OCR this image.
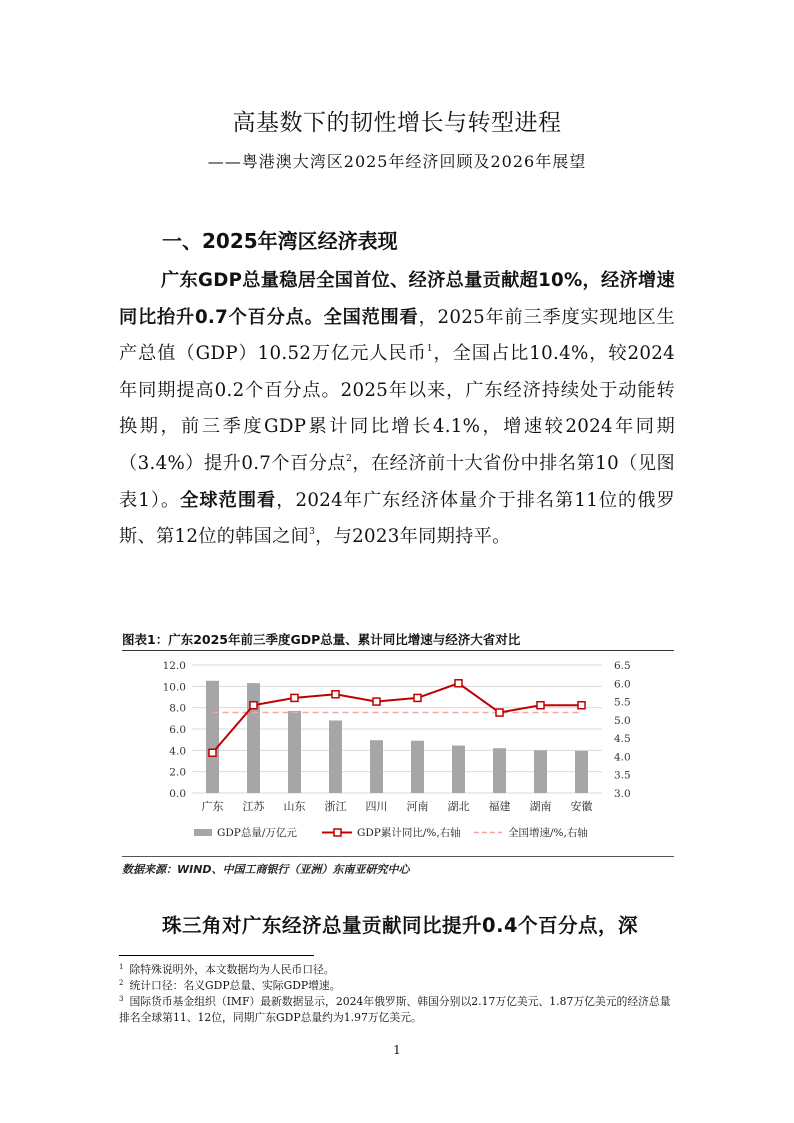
高基数下的韧性增长与转型进程
——粤港澳大湾区2025年经济回顾及2026年展望
一、2025年湾区经济表现
广东GDP总量稳居全国首位、经济总量贡献超10%，经济增速同比抬升0.7个百分点。全国范围看，2025年前三季度实现地区生产总值（GDP）10.52万亿元人民币$^1$，全国占比10.4%，较2024年同期提高0.2个百分点。2025年以来，广东经济持续处于动能转换期，前三季度GDP累计同比增长4.1%，增速较2024年同期（3.4%）提升0.7个百分点$^2$，在经济前十大省份中排名第10（见图表1）。全球范围看，2024年广东经济体量介于排名第11位的俄罗斯、第12位的韩国之间$^3$，与2023年同期持平。
图表1：广东2025年前三季度GDP总量、累计同比增速与经济大省对比
0.0
2.0
4.0
6.0
8.0
10.0
12.0
3.0
3.5
4.0
4.5
5.0
5.5
6.0
6.5
广东 江苏 山东 浙江 四川 河南 湖北 福建 湖南 安徽
GDP总量/万亿元	GDP累计同比/%,右轴	全国增速/%,右轴
数据来源：WIND、中国工商银行（亚洲）东南亚研究中心
珠三角对广东经济总量贡献同比提升0.4个百分点，深
$^1$ 除特殊说明外，本文数据均为人民币口径。
$^2$ 统计口径：名义GDP总量、实际GDP增速。
$^3$ 国际货币基金组织（IMF）最新数据显示，2024年俄罗斯、韩国分别以2.17万亿美元、1.87万亿美元的经济总量排名全球第11、12位，同期广东GDP总量约为1.97万亿美元。
1
